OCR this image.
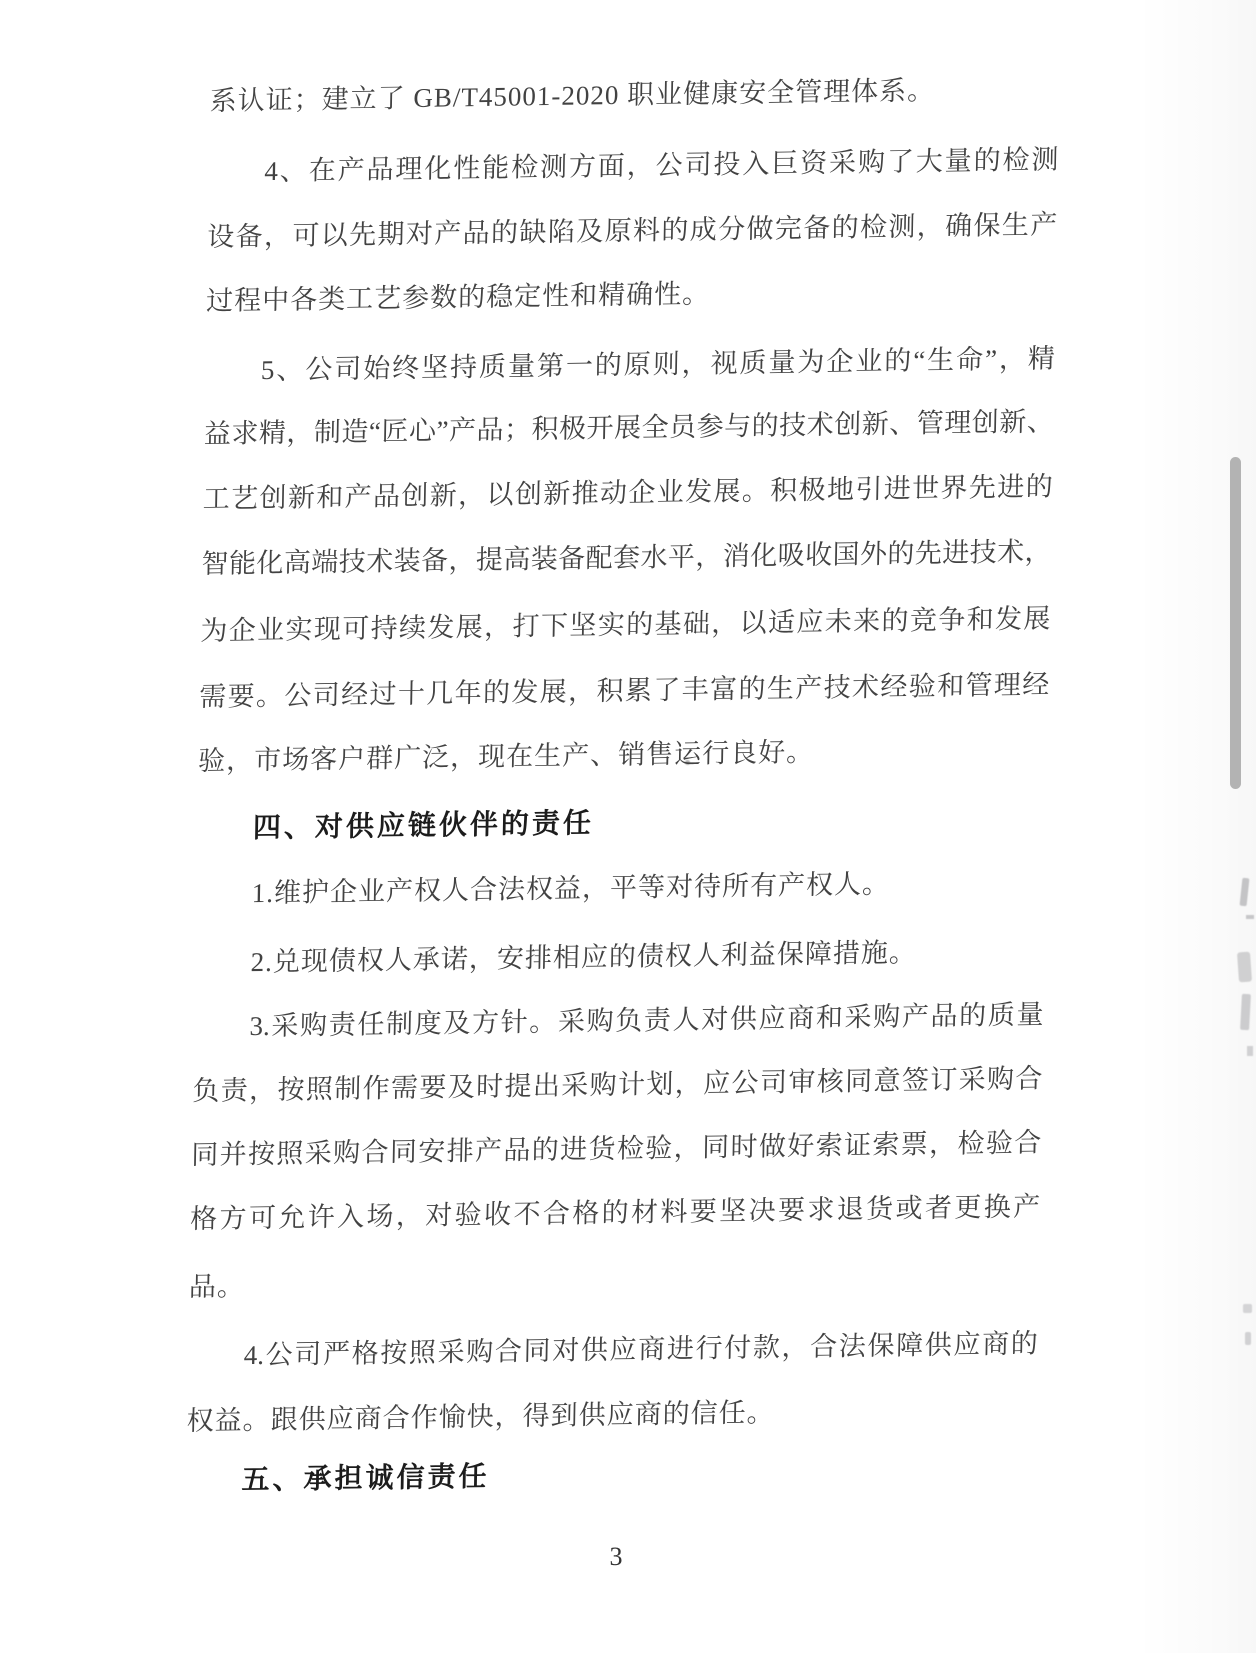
系认证；建立了 GB/T45001-2020 职业健康安全管理体系。
4、在产品理化性能检测方面，公司投入巨资采购了大量的检测
设备，可以先期对产品的缺陷及原料的成分做完备的检测，确保生产
过程中各类工艺参数的稳定性和精确性。
5、公司始终坚持质量第一的原则，视质量为企业的“生命”，精
益求精，制造“匠心”产品；积极开展全员参与的技术创新、管理创新、
工艺创新和产品创新，以创新推动企业发展。积极地引进世界先进的
智能化高端技术装备，提高装备配套水平，消化吸收国外的先进技术，
为企业实现可持续发展，打下坚实的基础，以适应未来的竞争和发展
需要。公司经过十几年的发展，积累了丰富的生产技术经验和管理经
验，市场客户群广泛，现在生产、销售运行良好。
四、对供应链伙伴的责任
1.维护企业产权人合法权益，平等对待所有产权人。
2.兑现债权人承诺，安排相应的债权人利益保障措施。
3.采购责任制度及方针。采购负责人对供应商和采购产品的质量
负责，按照制作需要及时提出采购计划，应公司审核同意签订采购合
同并按照采购合同安排产品的进货检验，同时做好索证索票，检验合
格方可允许入场，对验收不合格的材料要坚决要求退货或者更换产
品。
4.公司严格按照采购合同对供应商进行付款，合法保障供应商的
权益。跟供应商合作愉快，得到供应商的信任。
五、承担诚信责任
3
